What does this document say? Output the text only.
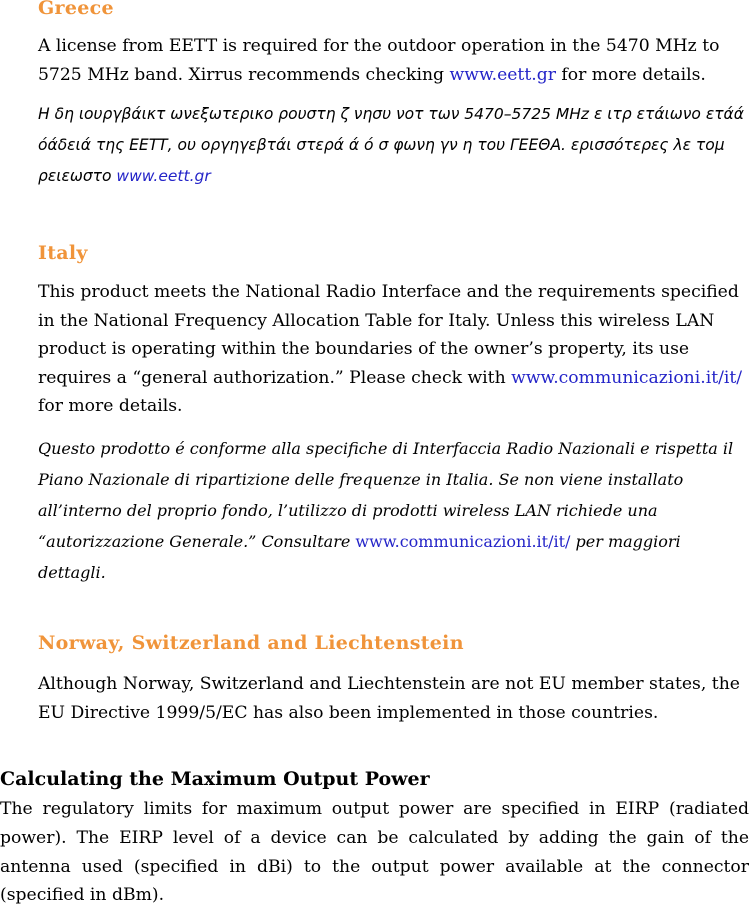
Greece
A license from EETT is required for the outdoor operation in the 5470 MHz to 5725 MHz band. Xirrus recommends checking www.eett.gr for more details.
Η δη ιουργβάικτ ωνεξωτερικο ρουστη ζ νησυ νοτ των 5470–5725 MHz ε ιτρ ετάιωνο ετάά όάδειά της ΕΕΤΤ, ου οργηγεβτάι στερά ά ό σ φωνη γν η του ΓΕΕΘΑ. ερισσότερες λε τομ ρειεωστο www.eett.gr
Italy
This product meets the National Radio Interface and the requirements specified in the National Frequency Allocation Table for Italy. Unless this wireless LAN product is operating within the boundaries of the owner’s property, its use requires a “general authorization.” Please check with www.communicazioni.it/it/ for more details.
Questo prodotto é conforme alla specifiche di Interfaccia Radio Nazionali e rispetta il Piano Nazionale di ripartizione delle frequenze in Italia. Se non viene installato all’interno del proprio fondo, l’utilizzo di prodotti wireless LAN richiede una “autorizzazione Generale.” Consultare www.communicazioni.it/it/ per maggiori dettagli.
Norway, Switzerland and Liechtenstein
Although Norway, Switzerland and Liechtenstein are not EU member states, the EU Directive 1999/5/EC has also been implemented in those countries.
Calculating the Maximum Output Power
The regulatory limits for maximum output power are specified in EIRP (radiated power). The EIRP level of a device can be calculated by adding the gain of the antenna used (specified in dBi) to the output power available at the connector (specified in dBm).
